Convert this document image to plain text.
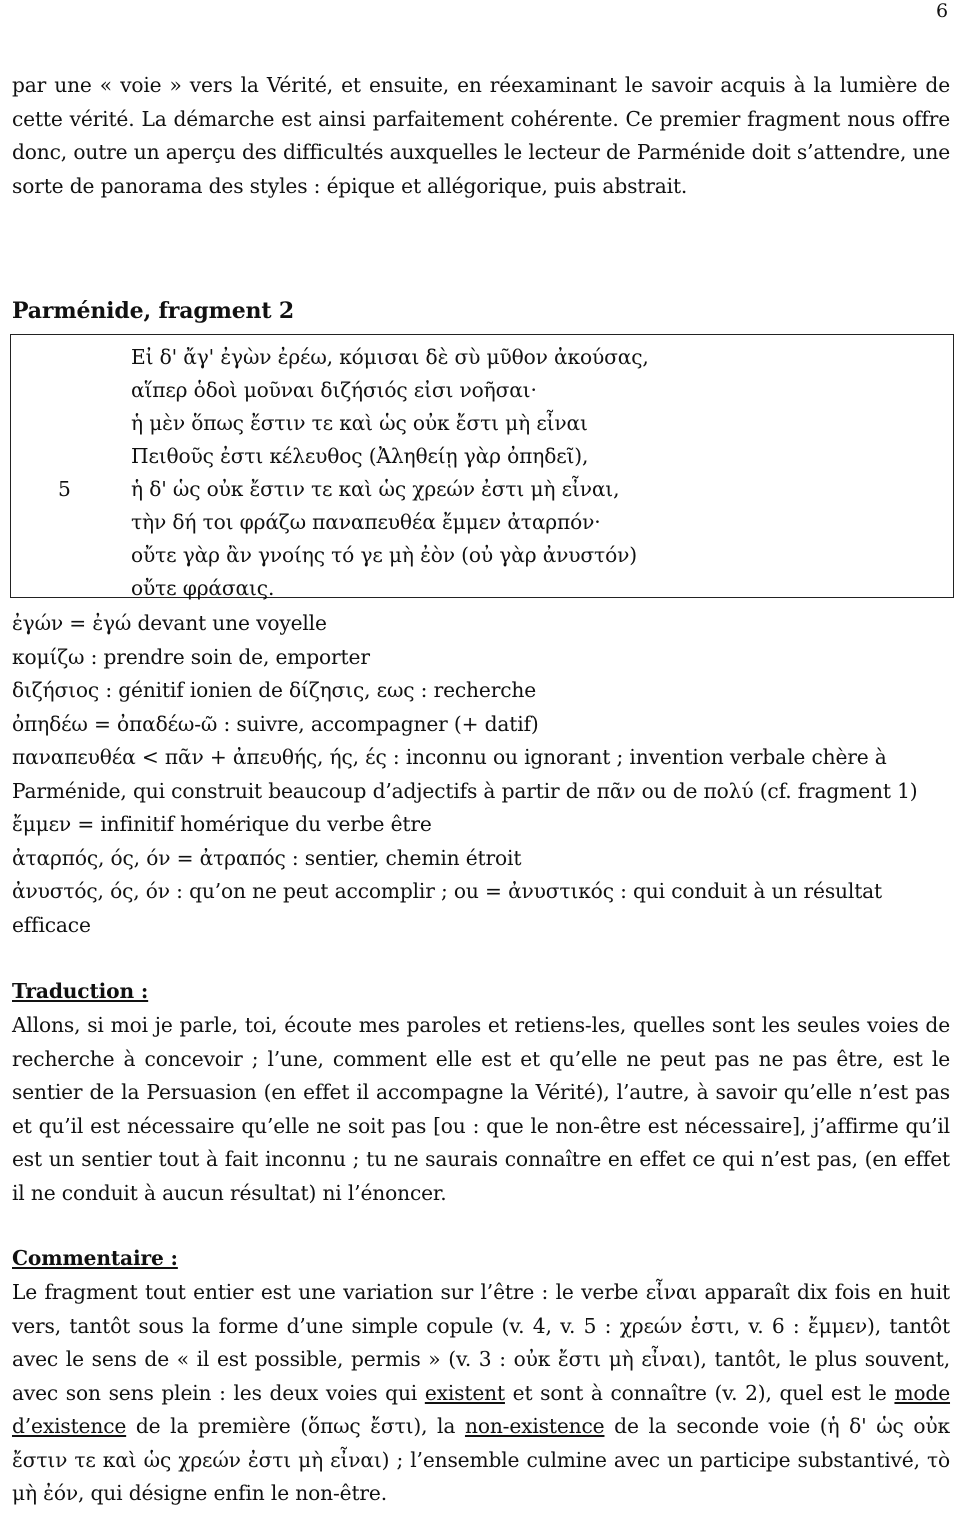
6

par une « voie » vers la Vérité, et ensuite, en réexaminant le savoir acquis à la lumière de cette vérité. La démarche est ainsi parfaitement cohérente. Ce premier fragment nous offre donc, outre un aperçu des difficultés auxquelles le lecteur de Parménide doit s’attendre, une sorte de panorama des styles : épique et allégorique, puis abstrait.

Parménide, fragment 2
Εἰ δ' ἄγ' ἐγὼν ἐρέω, κόμισαι δὲ σὺ μῦθον ἀκούσας,
αἵπερ ὁδοὶ μοῦναι διζήσιός εἰσι νοῆσαι·
ἡ μὲν ὅπως ἔστιν τε καὶ ὡς οὐκ ἔστι μὴ εἶναι
Πειθοῦς ἐστι κέλευθος (Ἀληθείῃ γὰρ ὀπηδεῖ),
5	ἡ δ' ὡς οὐκ ἔστιν τε καὶ ὡς χρεών ἐστι μὴ εἶναι,
τὴν δή τοι φράζω παναπευθέα ἔμμεν ἀταρπόν·
οὔτε γὰρ ἂν γνοίης τό γε μὴ ἐὸν (οὐ γὰρ ἀνυστόν)
οὔτε φράσαις.
ἐγών = ἐγώ devant une voyelle
κομίζω : prendre soin de, emporter
διζήσιος : génitif ionien de δίζησις, εως : recherche
ὀπηδέω = ὀπαδέω-ῶ : suivre, accompagner (+ datif)
παναπευθέα < πᾶν + ἀπευθής, ής, ές : inconnu ou ignorant ; invention verbale chère à Parménide, qui construit beaucoup d’adjectifs à partir de πᾶν ou de πολύ (cf. fragment 1)
ἔμμεν = infinitif homérique du verbe être
ἀταρπός, ός, όν = ἀτραπός : sentier, chemin étroit
ἀνυστός, ός, όν : qu’on ne peut accomplir ; ou = ἀνυστικός : qui conduit à un résultat efficace
Traduction :

Allons, si moi je parle, toi, écoute mes paroles et retiens-les, quelles sont les seules voies de recherche à concevoir ; l’une, comment elle est et qu’elle ne peut pas ne pas être, est le sentier de la Persuasion (en effet il accompagne la Vérité), l’autre, à savoir qu’elle n’est pas et qu’il est nécessaire qu’elle ne soit pas [ou : que le non-être est nécessaire], j’affirme qu’il est un sentier tout à fait inconnu ; tu ne saurais connaître en effet ce qui n’est pas, (en effet il ne conduit à aucun résultat) ni l’énoncer.

Commentaire :

Le fragment tout entier est une variation sur l’être : le verbe εἶναι apparaît dix fois en huit vers, tantôt sous la forme d’une simple copule (v. 4, v. 5 : χρεών ἐστι, v. 6 : ἔμμεν), tantôt avec le sens de « il est possible, permis » (v. 3 : οὐκ ἔστι μὴ εἶναι), tantôt, le plus souvent, avec son sens plein : les deux voies qui existent et sont à connaître (v. 2), quel est le mode d’existence de la première (ὅπως ἔστι), la non-existence de la seconde voie (ἡ δ' ὡς οὐκ ἔστιν τε καὶ ὡς χρεών ἐστι μὴ εἶναι) ; l’ensemble culmine avec un participe substantivé, τὸ μὴ ἐόν, qui désigne enfin le non-être.
